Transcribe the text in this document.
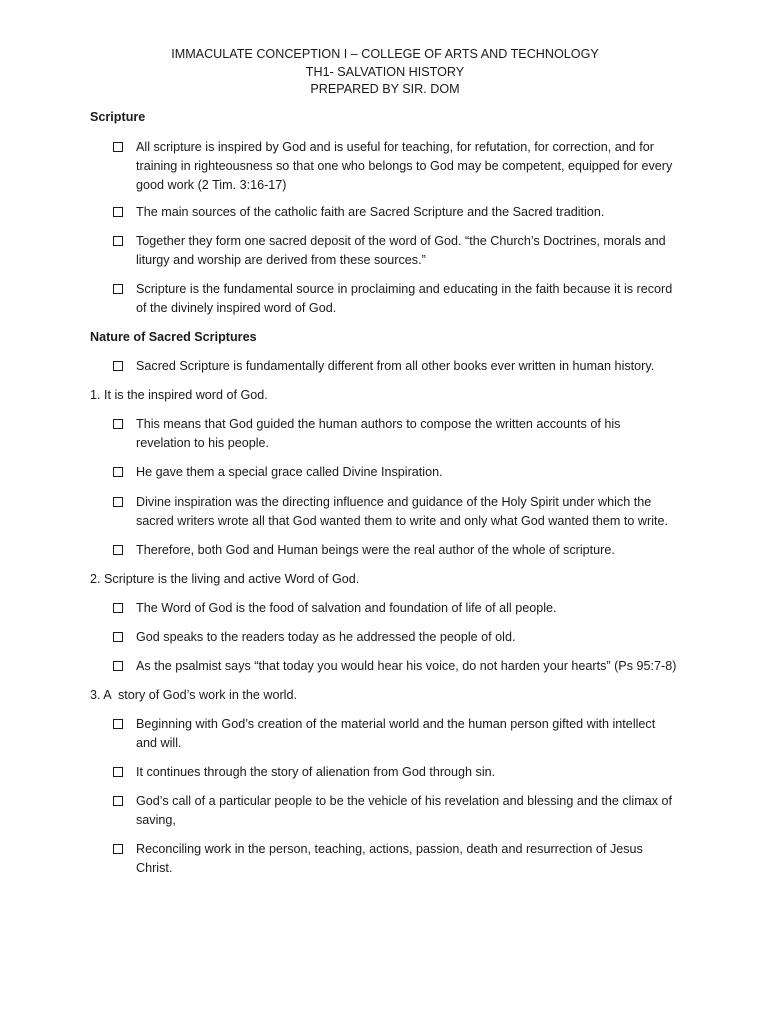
IMMACULATE CONCEPTION I – COLLEGE OF ARTS AND TECHNOLOGY
TH1- SALVATION HISTORY
PREPARED BY SIR. DOM
Scripture
All scripture is inspired by God and is useful for teaching, for refutation, for correction, and for training in righteousness so that one who belongs to God may be competent, equipped for every good work (2 Tim. 3:16-17)
The main sources of the catholic faith are Sacred Scripture and the Sacred tradition.
Together they form one sacred deposit of the word of God. “the Church’s Doctrines, morals and liturgy and worship are derived from these sources.”
Scripture is the fundamental source in proclaiming and educating in the faith because it is record of the divinely inspired word of God.
Nature of Sacred Scriptures
Sacred Scripture is fundamentally different from all other books ever written in human history.
1. It is the inspired word of God.
This means that God guided the human authors to compose the written accounts of his revelation to his people.
He gave them a special grace called Divine Inspiration.
Divine inspiration was the directing influence and guidance of the Holy Spirit under which the sacred writers wrote all that God wanted them to write and only what God wanted them to write.
Therefore, both God and Human beings were the real author of the whole of scripture.
2. Scripture is the living and active Word of God.
The Word of God is the food of salvation and foundation of life of all people.
God speaks to the readers today as he addressed the people of old.
As the psalmist says “that today you would hear his voice, do not harden your hearts” (Ps 95:7-8)
3. A  story of God’s work in the world.
Beginning with God’s creation of the material world and the human person gifted with intellect and will.
It continues through the story of alienation from God through sin.
God’s call of a particular people to be the vehicle of his revelation and blessing and the climax of saving,
Reconciling work in the person, teaching, actions, passion, death and resurrection of Jesus Christ.
